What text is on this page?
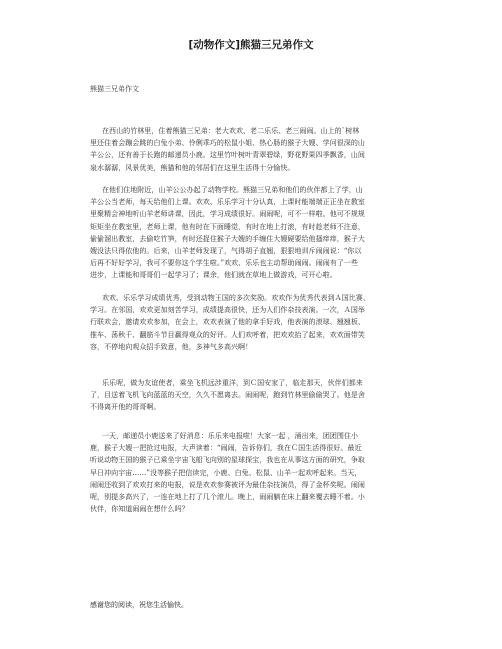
[动物作文]熊猫三兄弟作文
熊猫三兄弟作文
在西山的竹林里，住着熊猫三兄弟：老大欢欢、老二乐乐、老三闹闹。山上的`树林
里还住着会蹦会跳的白兔小弟、伶俐乖巧的松鼠小姐、热心肠的猴子大嫂、学问很深的山
羊公公，还有善于长跑的邮递员小鹿。这里竹叶树叶青翠碧绿，野花野果四季飘香，山间
泉水潺潺，风景优美，熊猫和他的邻居们在这里生活得十分愉快。
在他们住地附近，山羊公公办起了动物学校。熊猫三兄弟和他们的伙伴都上了学，山
羊公公当老师，每天给他们上课。欢欢、乐乐学习十分认真，上课时能端端正正坐在教室
里聚精会神地听山羊老师讲课，因此，学习成绩很好。闹闹呢，可不一样啦。他可不规规
矩矩坐在教室里，老师上课，他有时在下面睡觉，有时在地上打滚，有时趁老师不注意，
偷偷溜出教室，去偷吃竹笋，有时还捉住猴子大嫂的手缠住大嫂硬要给他搔痒痒，猴子大
嫂没法只得依他的。后来，山羊老师发现了，气得胡子直翘，狠狠地训斥闹闹说：“你以
后再不好好学习，我可不要你这个学生啦。”欢欢、乐乐也主动帮助闹闹。闹闹有了一些
进步，上课能和哥哥们一起学习了；课余，他们就在草地上做游戏，可开心啦。
欢欢、乐乐学习成绩优秀，受到动物王国的多次奖励。欢欢作为优秀代表到Ａ国比赛、
学习。在邻国，欢欢更加刻苦学习，成绩提高很快，还为人们作杂技表演。一次，Ａ国举
行联欢会，邀请欢欢参加，在会上，欢欢表演了他的拿手好戏，他表演的滚球、翘翘板、
推车、荡秋千、翻筋斗节目赢得观众的好评。人们欢呼着，把欢欢抬了起来，欢欢面带笑
容，不停地向观众招手致意，他，多神气多高兴啊！
乐乐呢，做为友谊使者，乘坐飞机远涉重洋，到Ｃ国安家了，临走那天，伙伴们都来
了，目送着飞机飞向蓝蓝的天空，久久不愿离去。闹闹呢，跑到竹林里偷偷哭了。他是舍
不得离开他的哥哥啊。
一天，邮递员小鹿送来了好消息：乐乐来电报啦！大家一起 ，涌出来，团团围住小
鹿，猴子大嫂一把抢过电报，大声读着：“闹闹，告诉你们，我在Ｃ国生活得很好。最近
听说动物王国的猴子已乘坐宇宙飞船飞向别的星球探宝，我也在从事这方面的研究，争取
早日冲向宇宙……”没等猴子把信读完，小鹿、白兔、松鼠、山羊一起欢呼起来。当天，
闹闹还收到了欢欢打来的电报，说是欢欢参赛被评为最佳杂技演员，得了金杯奖呢。闹闹
呢，别提多高兴了，一连在地上打了几个滚儿。晚上，闹闹躺在床上翻来覆去睡不着。小
伙伴，你知道闹闹在想什么吗？
感谢您的阅读，祝您生活愉快。
